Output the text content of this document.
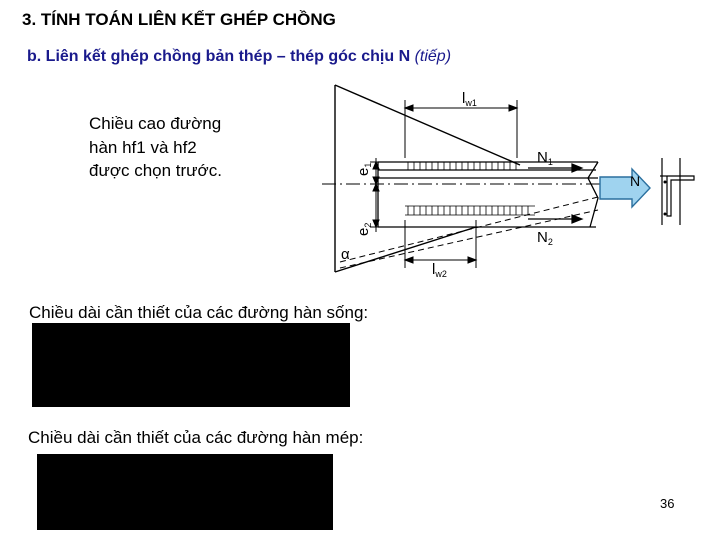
3. TÍNH TOÁN LIÊN KẾT GHÉP CHỒNG
b. Liên kết ghép chồng bản thép – thép góc chịu N (tiếp)
Chiều cao đường hàn hf1 và hf2 được chọn trước.
$l_{w1}$
$l_{w2}$
$e_1$
$e_2$
α
$N_1$
$N_2$
N
Chiều dài cần thiết của các đường hàn sống:
Chiều dài cần thiết của các đường hàn mép:
36
